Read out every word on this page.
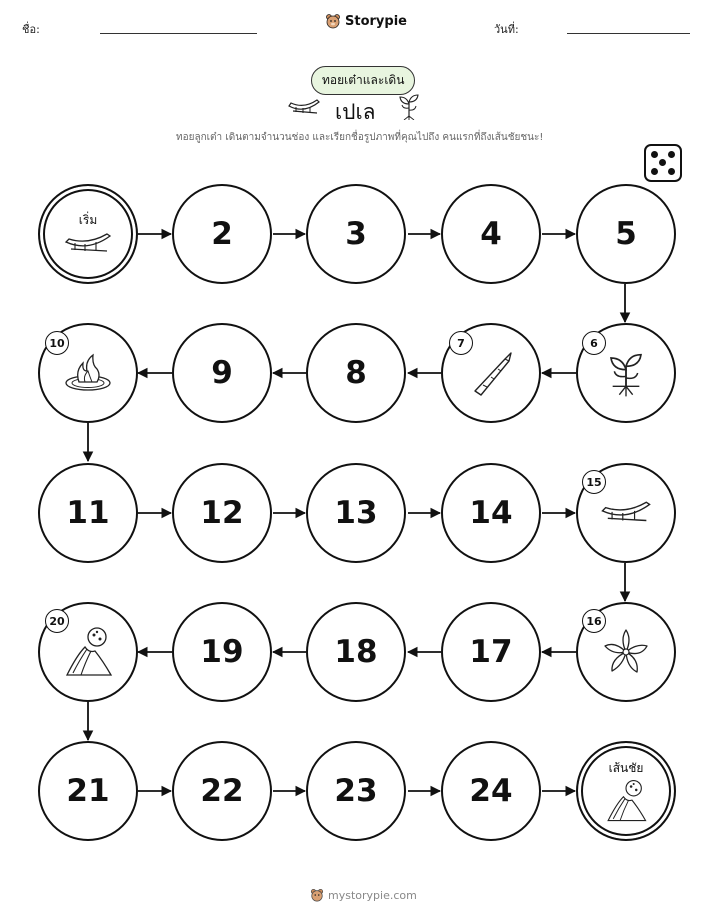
ชื่อ:
Storypie
วันที่:
ทอยเต๋าและเดิน
เปเล
ทอยลูกเต๋า เดินตามจำนวนช่อง และเรียกชื่อรูปภาพที่คุณไปถึง คนแรกที่ถึงเส้นชัยชนะ!
เริ่ม	2	3	4	5
6
7
8
9
10
11	12	13	14
15
16
17
18
19
20
21	22	23	24
เส้นชัย
mystorypie.com
